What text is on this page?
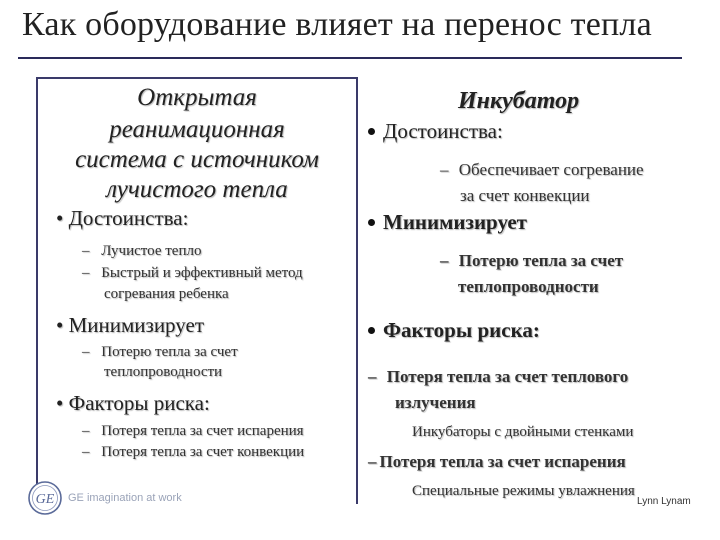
Как оборудование влияет на перенос тепла
Открытая
реанимационная
система с источником
лучистого тепла
• Достоинства:
– Лучистое тепло
– Быстрый и эффективный метод
согревания ребенка
• Минимизирует
– Потерю тепла за счет
теплопроводности
• Факторы риска:
– Потеря тепла за счет испарения
– Потеря тепла за счет конвекции
Инкубатор
Достоинства:
– Обеспечивает согревание
за счет конвекции
Минимизирует
– Потерю тепла за счет
теплопроводности
Факторы риска:
– Потеря тепла за счет теплового
излучения
Инкубаторы с двойными стенками
– Потеря тепла за счет испарения
Специальные режимы увлажнения
GE GE imagination at work	Lynn Lynam
